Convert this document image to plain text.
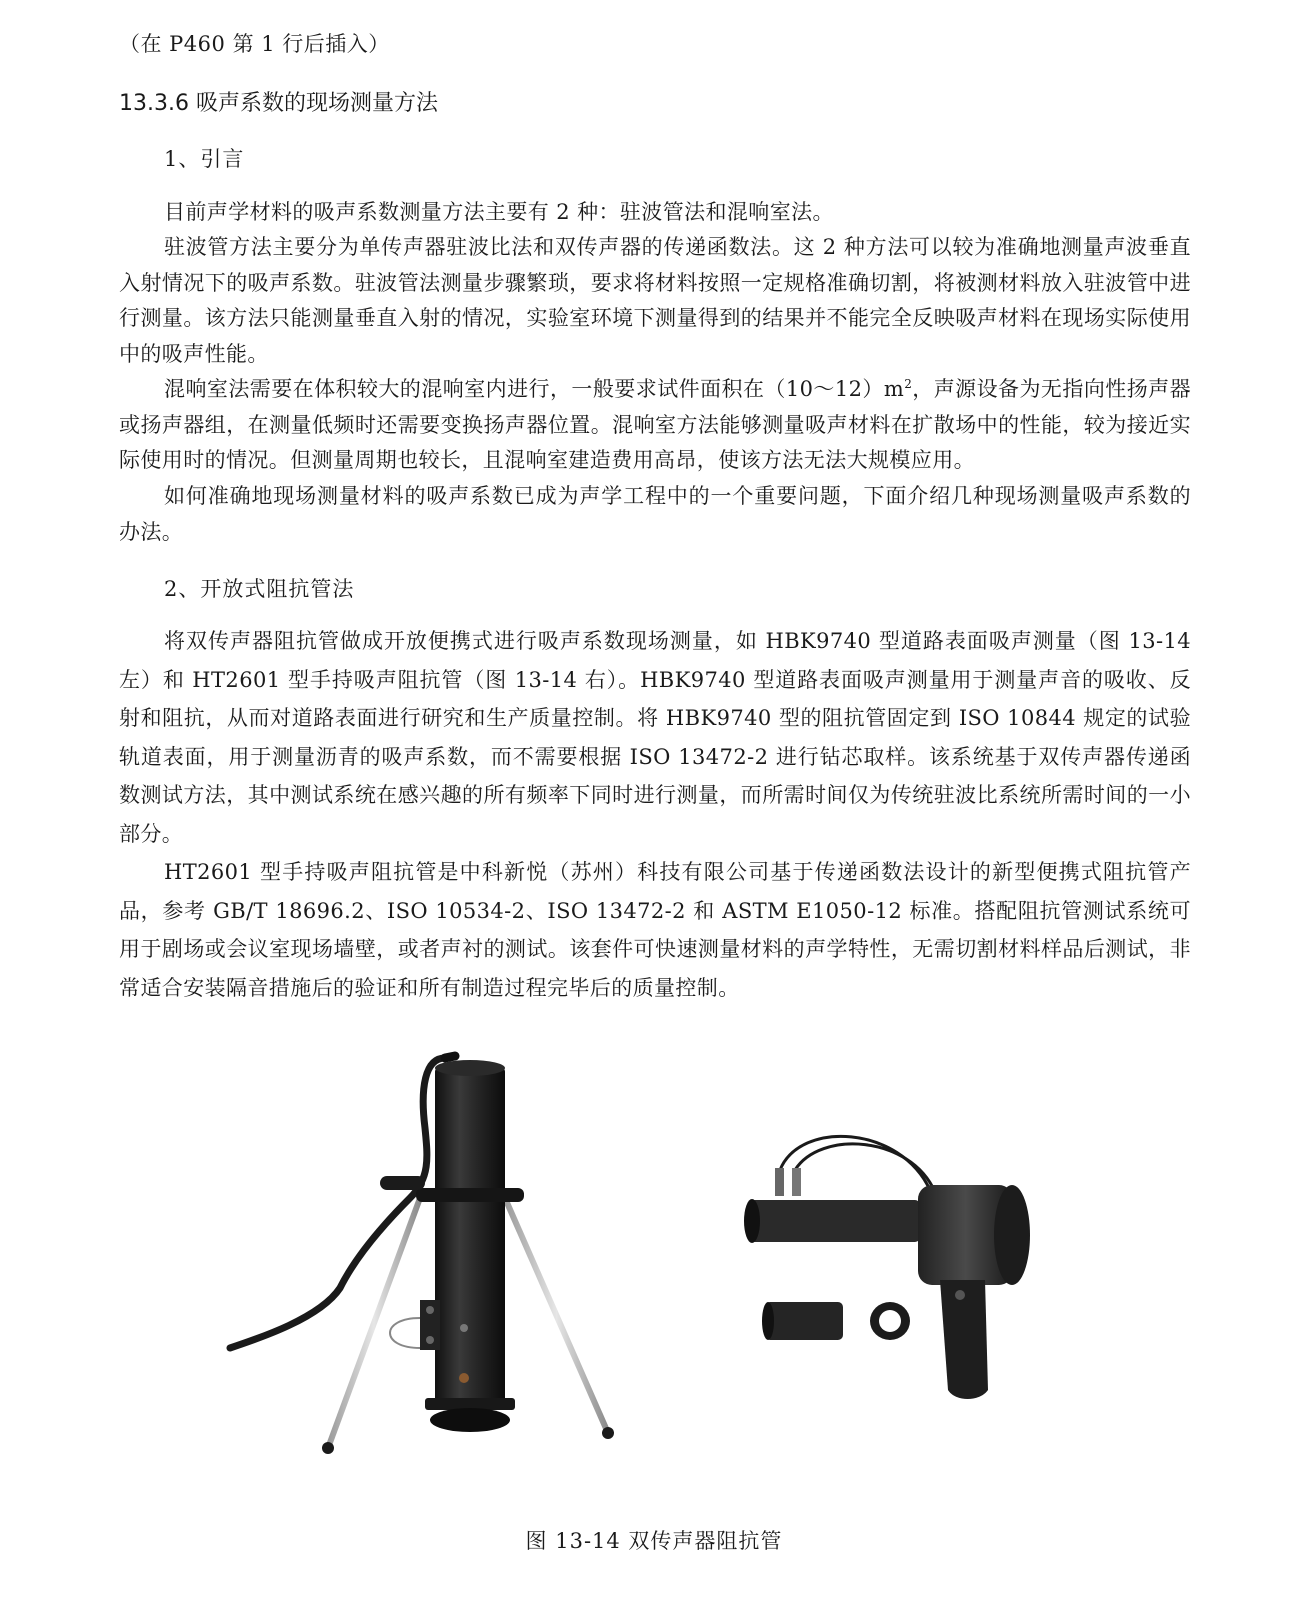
（在 P460 第 1 行后插入）
13.3.6 吸声系数的现场测量方法
1、引言
目前声学材料的吸声系数测量方法主要有 2 种：驻波管法和混响室法。
驻波管方法主要分为单传声器驻波比法和双传声器的传递函数法。这 2 种方法可以较为准确地测量声波垂直入射情况下的吸声系数。驻波管法测量步骤繁琐，要求将材料按照一定规格准确切割，将被测材料放入驻波管中进行测量。该方法只能测量垂直入射的情况，实验室环境下测量得到的结果并不能完全反映吸声材料在现场实际使用中的吸声性能。
混响室法需要在体积较大的混响室内进行，一般要求试件面积在$(10\sim 12)m^2$，声源设备为无指向性扬声器或扬声器组，在测量低频时还需要变换扬声器位置。混响室方法能够测量吸声材料在扩散场中的性能，较为接近实际使用时的情况。但测量周期也较长，且混响室建造费用高昂，使该方法无法大规模应用。
如何准确地现场测量材料的吸声系数已成为声学工程中的一个重要问题，下面介绍几种现场测量吸声系数的办法。
2、开放式阻抗管法
将双传声器阻抗管做成开放便携式进行吸声系数现场测量，如 HBK9740 型道路表面吸声测量（图 13-14 左）和 HT2601 型手持吸声阻抗管（图 13-14 右）。HBK9740 型道路表面吸声测量用于测量声音的吸收、反射和阻抗，从而对道路表面进行研究和生产质量控制。将 HBK9740 型的阻抗管固定到 ISO 10844 规定的试验轨道表面，用于测量沥青的吸声系数，而不需要根据 ISO 13472-2 进行钻芯取样。该系统基于双传声器传递函数测试方法，其中测试系统在感兴趣的所有频率下同时进行测量，而所需时间仅为传统驻波比系统所需时间的一小部分。
HT2601 型手持吸声阻抗管是中科新悦（苏州）科技有限公司基于传递函数法设计的新型便携式阻抗管产品，参考 GB/T 18696.2、ISO 10534-2、ISO 13472-2 和 ASTM E1050-12 标准。搭配阻抗管测试系统可用于剧场或会议室现场墙壁，或者声衬的测试。该套件可快速测量材料的声学特性，无需切割材料样品后测试，非常适合安装隔音措施后的验证和所有制造过程完毕后的质量控制。
图 13-14 双传声器阻抗管
